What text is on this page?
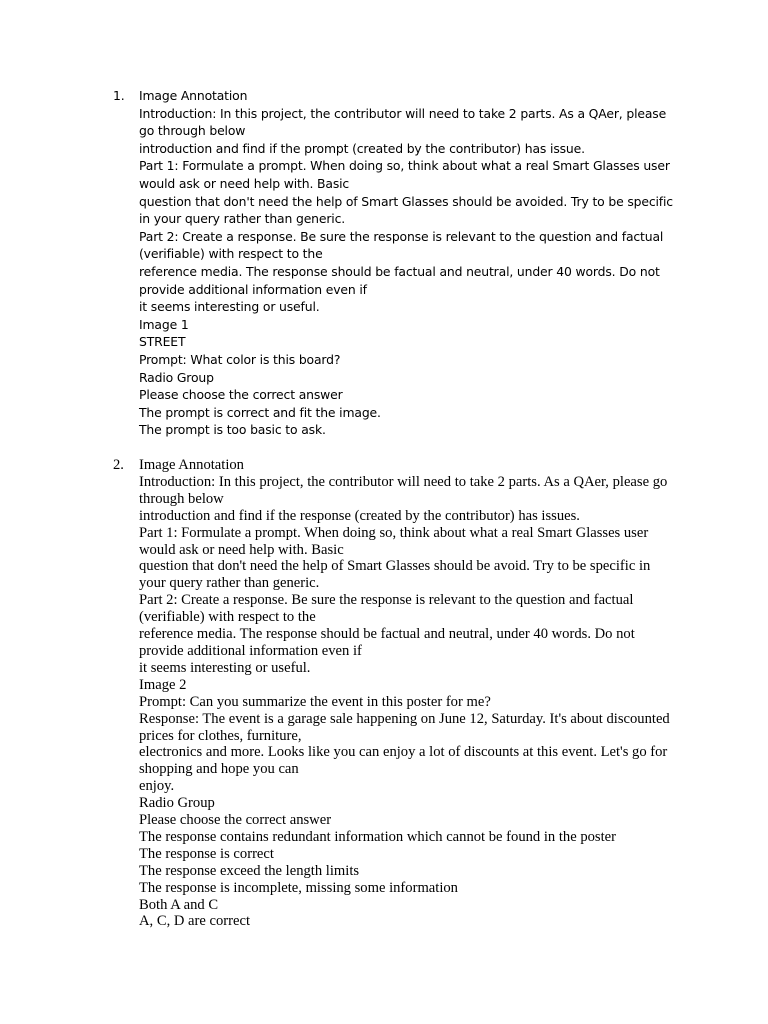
1.	Image Annotation
Introduction: In this project, the contributor will need to take 2 parts. As a QAer, please go through below
introduction and find if the prompt (created by the contributor) has issue.
Part 1: Formulate a prompt. When doing so, think about what a real Smart Glasses user would ask or need help with. Basic
question that don't need the help of Smart Glasses should be avoided. Try to be specific in your query rather than generic.
Part 2: Create a response. Be sure the response is relevant to the question and factual (verifiable) with respect to the
reference media. The response should be factual and neutral, under 40 words. Do not provide additional information even if
it seems interesting or useful.
Image 1
STREET
Prompt: What color is this board?
Radio Group
Please choose the correct answer
The prompt is correct and fit the image.
The prompt is too basic to ask.
2.	Image Annotation
Introduction: In this project, the contributor will need to take 2 parts. As a QAer, please go through below
introduction and find if the response (created by the contributor) has issues.
Part 1: Formulate a prompt. When doing so, think about what a real Smart Glasses user would ask or need help with. Basic
question that don't need the help of Smart Glasses should be avoid. Try to be specific in your query rather than generic.
Part 2: Create a response. Be sure the response is relevant to the question and factual (verifiable) with respect to the
reference media. The response should be factual and neutral, under 40 words. Do not provide additional information even if
it seems interesting or useful.
Image 2
Prompt: Can you summarize the event in this poster for me?
Response: The event is a garage sale happening on June 12, Saturday. It's about discounted prices for clothes, furniture,
electronics and more. Looks like you can enjoy a lot of discounts at this event. Let's go for shopping and hope you can
enjoy.
Radio Group
Please choose the correct answer
The response contains redundant information which cannot be found in the poster
The response is correct
The response exceed the length limits
The response is incomplete, missing some information
Both A and C
A, C, D are correct
